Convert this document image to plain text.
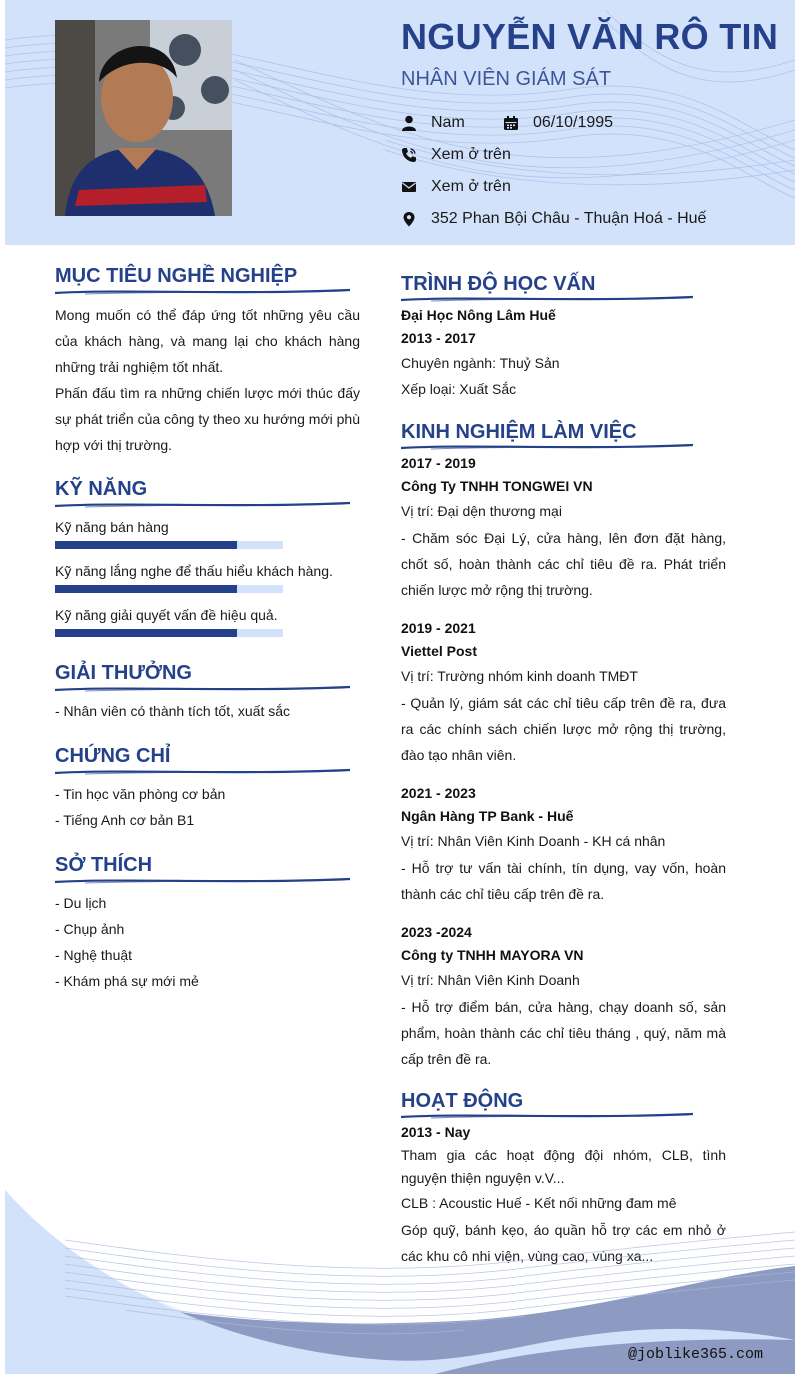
NGUYỄN VĂN RÔ TIN
NHÂN VIÊN GIÁM SÁT
Nam	06/10/1995
Xem ở trên
Xem ở trên
352 Phan Bội Châu - Thuận Hoá - Huế
MỤC TIÊU NGHỀ NGHIỆP
Mong muốn có thể đáp ứng tốt những yêu cầu của khách hàng, và mang lại cho khách hàng những trải nghiệm tốt nhất.
Phấn đấu tìm ra những chiến lược mới thúc đấy sự phát triển của công ty theo xu hướng mới phù hợp với thị trường.
KỸ NĂNG
Kỹ năng bán hàng
Kỹ năng lắng nghe để thấu hiểu khách hàng.
Kỹ năng giải quyết vấn đề hiệu quả.
GIẢI THƯỞNG
- Nhân viên có thành tích tốt, xuất sắc
CHỨNG CHỈ
- Tin học văn phòng cơ bản
- Tiếng Anh cơ bản B1
SỞ THÍCH
- Du lịch
- Chụp ảnh
- Nghệ thuật
- Khám phá sự mới mẻ
TRÌNH ĐỘ HỌC VẤN
Đại Học Nông Lâm Huế
2013 - 2017
Chuyên ngành: Thuỷ Sản
Xếp loại: Xuất Sắc
KINH NGHIỆM LÀM VIỆC
2017 - 2019
Công Ty TNHH TONGWEI VN
Vị trí: Đại dện thương mại
- Chăm sóc Đại Lý, cửa hàng, lên đơn đặt hàng, chốt số, hoàn thành các chỉ tiêu đề ra. Phát triển chiến lược mở rộng thị trường.
2019 - 2021
Viettel Post
Vị trí: Trường nhóm kinh doanh TMĐT
- Quản lý, giám sát các chỉ tiêu cấp trên đề ra, đưa ra các chính sách chiến lược mở rộng thị trường, đào tạo nhân viên.
2021 - 2023
Ngân Hàng TP Bank - Huế
Vị trí: Nhân Viên Kinh Doanh - KH cá nhân
- Hỗ trợ tư vấn tài chính, tín dụng, vay vốn, hoàn thành các chỉ tiêu cấp trên đề ra.
2023 -2024
Công ty TNHH MAYORA VN
Vị trí: Nhân Viên Kinh Doanh
- Hỗ trợ điểm bán, cửa hàng, chạy doanh số, sản phẩm, hoàn thành các chỉ tiêu tháng , quý, năm mà cấp trên đề ra.
HOẠT ĐỘNG
2013 - Nay
Tham gia các hoạt động đội nhóm, CLB, tình nguyện thiện nguyện v.V...
CLB : Acoustic Huế - Kết nối những đam mê
Góp quỹ, bánh kẹo, áo quần hỗ trợ các em nhỏ ở các khu cô nhi viện, vùng cao, vùng xa...
@joblike365.com
